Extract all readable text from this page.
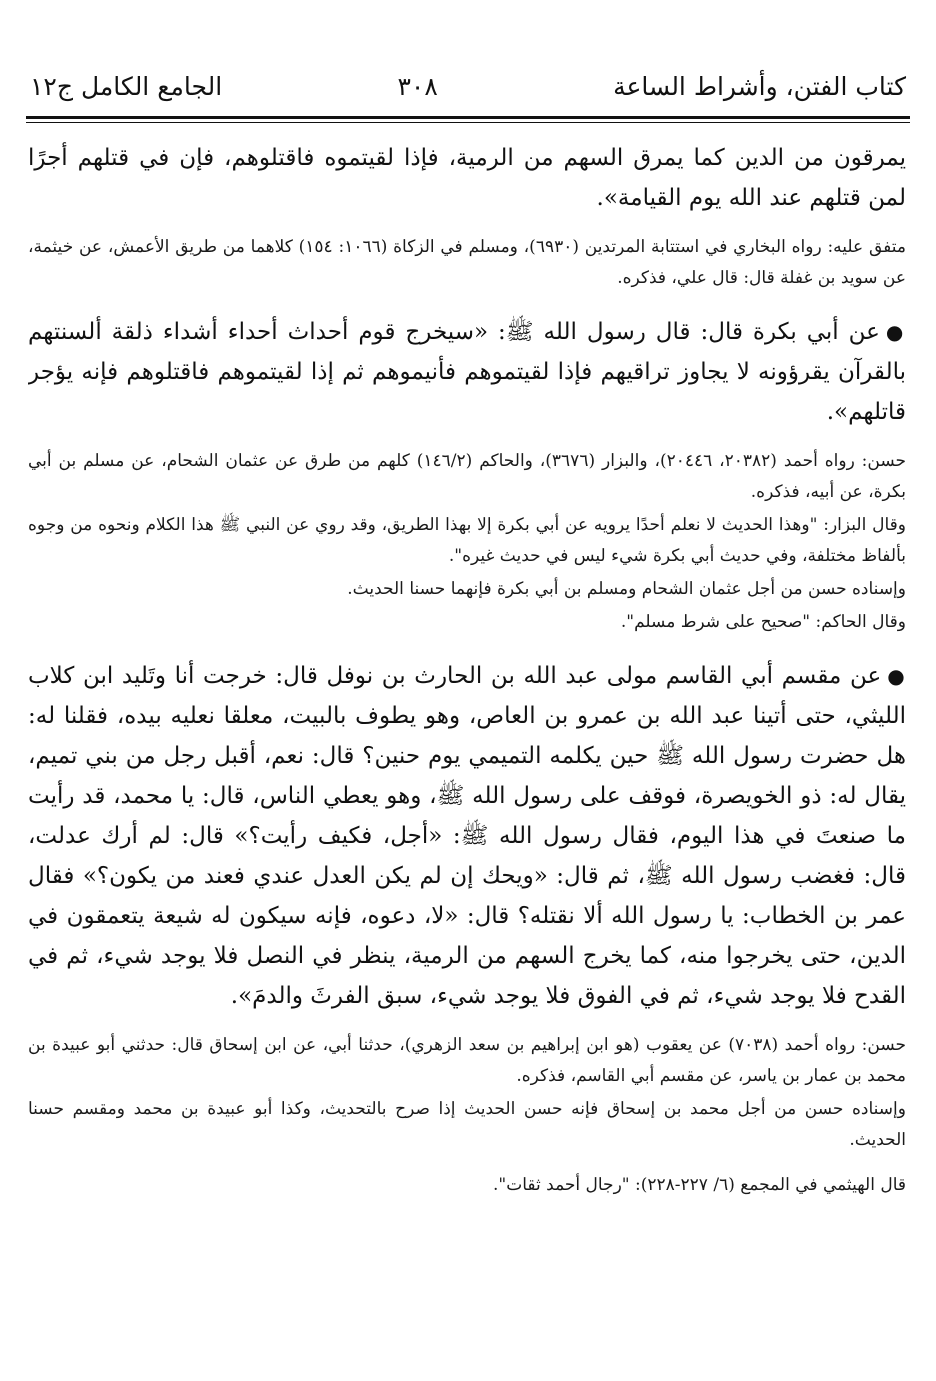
كتاب الفتن، وأشراط الساعة
٣٠٨
الجامع الكامل ج١٢

يمرقون من الدين كما يمرق السهم من الرمية، فإذا لقيتموه فاقتلوهم، فإن في قتلهم أجرًا لمن قتلهم عند الله يوم القيامة».

متفق عليه: رواه البخاري في استتابة المرتدين (٦٩٣٠)، ومسلم في الزكاة (١٠٦٦: ١٥٤) كلاهما من طريق الأعمش، عن خيثمة، عن سويد بن غفلة قال: قال علي، فذكره.

●عن أبي بكرة قال: قال رسول الله ﷺ: «سيخرج قوم أحداث أحداء أشداء ذلقة ألسنتهم بالقرآن يقرؤونه لا يجاوز تراقيهم فإذا لقيتموهم فأنيموهم ثم إذا لقيتموهم فاقتلوهم فإنه يؤجر قاتلهم».

حسن: رواه أحمد (٢٠٣٨٢، ٢٠٤٤٦)، والبزار (٣٦٧٦)، والحاكم (١٤٦/٢) كلهم من طرق عن عثمان الشحام، عن مسلم بن أبي بكرة، عن أبيه، فذكره.

وقال البزار: "وهذا الحديث لا نعلم أحدًا يرويه عن أبي بكرة إلا بهذا الطريق، وقد روي عن النبي ﷺ هذا الكلام ونحوه من وجوه بألفاظ مختلفة، وفي حديث أبي بكرة شيء ليس في حديث غيره".

وإسناده حسن من أجل عثمان الشحام ومسلم بن أبي بكرة فإنهما حسنا الحديث.

وقال الحاكم: "صحيح على شرط مسلم".

●عن مقسم أبي القاسم مولى عبد الله بن الحارث بن نوفل قال: خرجت أنا وتَليد ابن كلاب الليثي، حتى أتينا عبد الله بن عمرو بن العاص، وهو يطوف بالبيت، معلقا نعليه بيده، فقلنا له: هل حضرت رسول الله ﷺ حين يكلمه التميمي يوم حنين؟ قال: نعم، أقبل رجل من بني تميم، يقال له: ذو الخويصرة، فوقف على رسول الله ﷺ، وهو يعطي الناس، قال: يا محمد، قد رأيت ما صنعتَ في هذا اليوم، فقال رسول الله ﷺ: «أجل، فكيف رأيت؟» قال: لم أرك عدلت، قال: فغضب رسول الله ﷺ، ثم قال: «ويحك إن لم يكن العدل عندي فعند من يكون؟» فقال عمر بن الخطاب: يا رسول الله ألا نقتله؟ قال: «لا، دعوه، فإنه سيكون له شيعة يتعمقون في الدين، حتى يخرجوا منه، كما يخرج السهم من الرمية، ينظر في النصل فلا يوجد شيء، ثم في القدح فلا يوجد شيء، ثم في الفوق فلا يوجد شيء، سبق الفرثَ والدمَ».

حسن: رواه أحمد (٧٠٣٨) عن يعقوب (هو ابن إبراهيم بن سعد الزهري)، حدثنا أبي، عن ابن إسحاق قال: حدثني أبو عبيدة بن محمد بن عمار بن ياسر، عن مقسم أبي القاسم، فذكره.

وإسناده حسن من أجل محمد بن إسحاق فإنه حسن الحديث إذا صرح بالتحديث، وكذا أبو عبيدة بن محمد ومقسم حسنا الحديث.

قال الهيثمي في المجمع (٦/ ٢٢٧-٢٢٨): "رجال أحمد ثقات".
